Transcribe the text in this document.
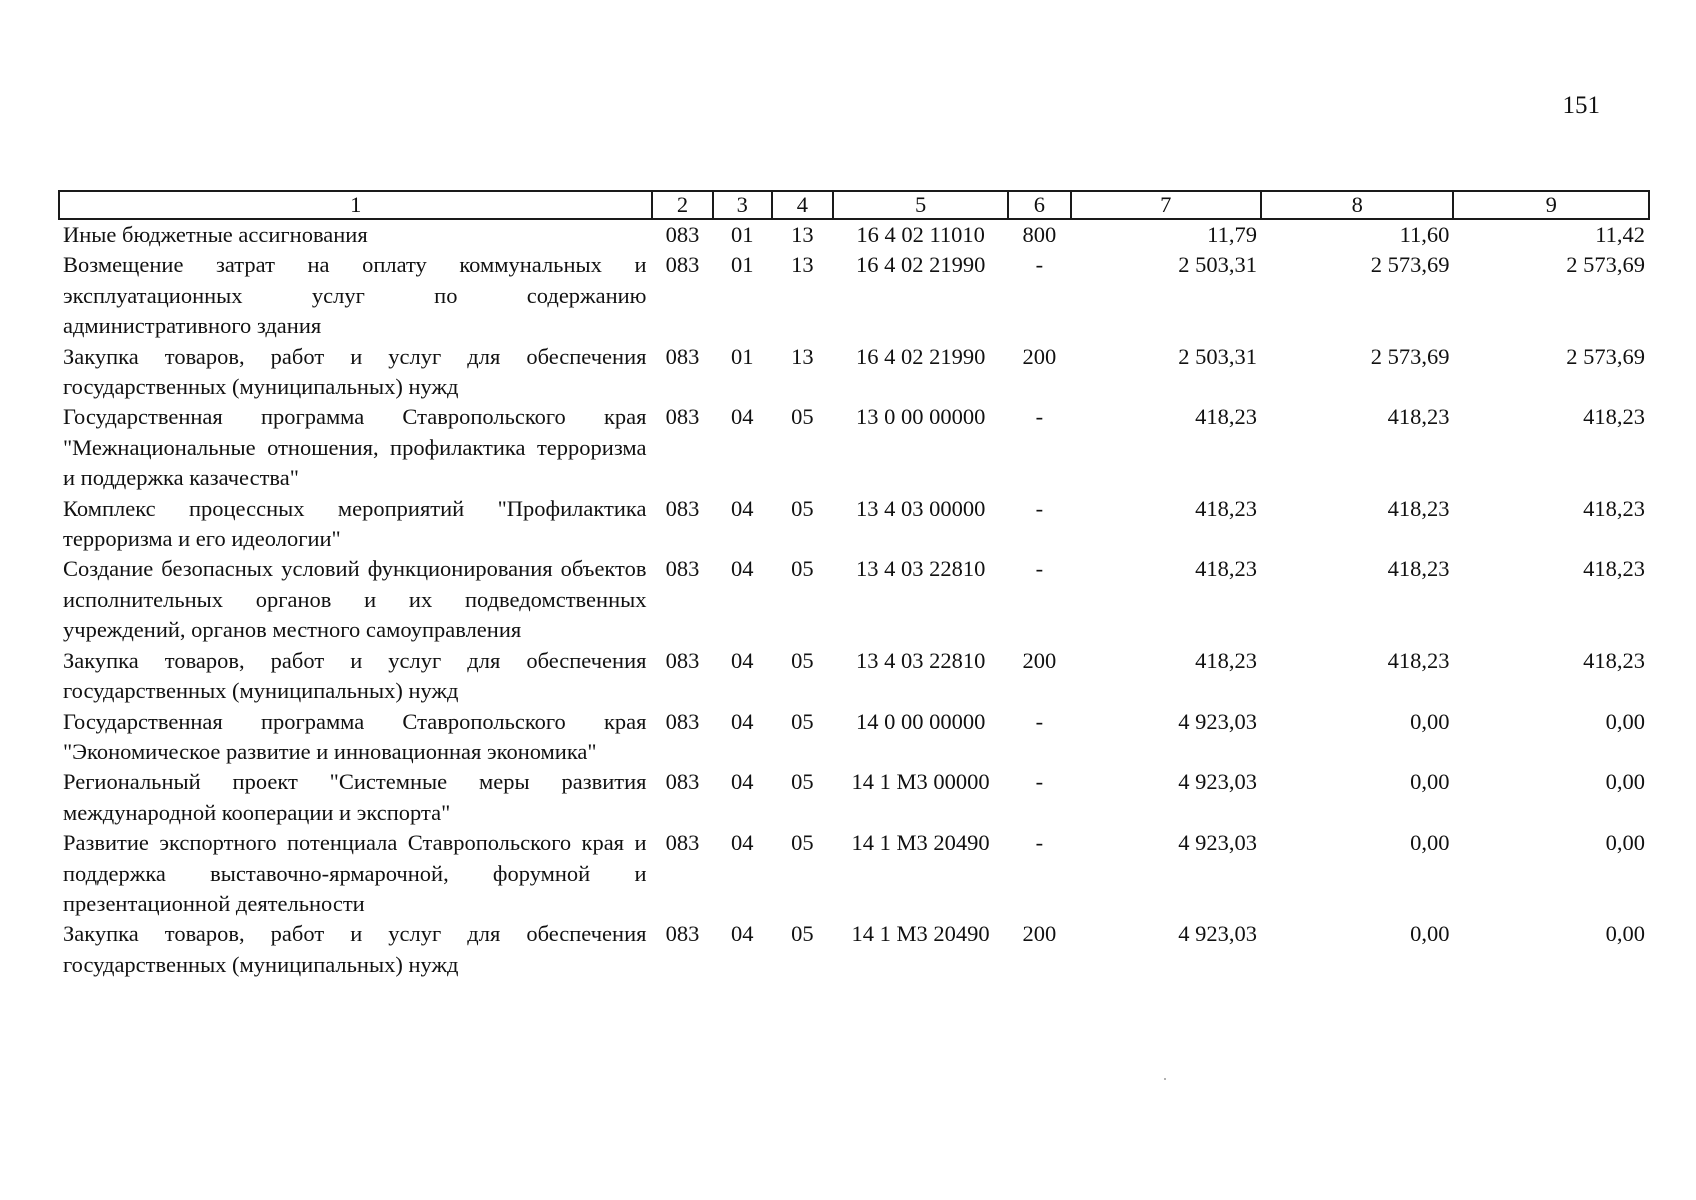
151
1	2	3	4	5	6	7	8	9
Иные бюджетные ассигнования	083	01	13	16 4 02 11010	800	11,79	11,60	11,42
Возмещение затрат на оплату коммунальных и эксплуатационных услуг по содержанию административного здания	083	01	13	16 4 02 21990	-	2 503,31	2 573,69	2 573,69
Закупка товаров, работ и услуг для обеспечения государственных (муниципальных) нужд	083	01	13	16 4 02 21990	200	2 503,31	2 573,69	2 573,69
Государственная программа Ставропольского края "Межнациональные отношения, профилактика терроризма и поддержка казачества"	083	04	05	13 0 00 00000	-	418,23	418,23	418,23
Комплекс процессных мероприятий "Профилактика терроризма и его идеологии"	083	04	05	13 4 03 00000	-	418,23	418,23	418,23
Создание безопасных условий функционирования объектов исполнительных органов и их подведомственных учреждений, органов местного самоуправления	083	04	05	13 4 03 22810	-	418,23	418,23	418,23
Закупка товаров, работ и услуг для обеспечения государственных (муниципальных) нужд	083	04	05	13 4 03 22810	200	418,23	418,23	418,23
Государственная программа Ставропольского края "Экономическое развитие и инновационная экономика"	083	04	05	14 0 00 00000	-	4 923,03	0,00	0,00
Региональный проект "Системные меры развития международной кооперации и экспорта"	083	04	05	14 1 М3 00000	-	4 923,03	0,00	0,00
Развитие экспортного потенциала Ставропольского края и поддержка выставочно-ярмарочной, форумной и презентационной деятельности	083	04	05	14 1 М3 20490	-	4 923,03	0,00	0,00
Закупка товаров, работ и услуг для обеспечения государственных (муниципальных) нужд	083	04	05	14 1 М3 20490	200	4 923,03	0,00	0,00
